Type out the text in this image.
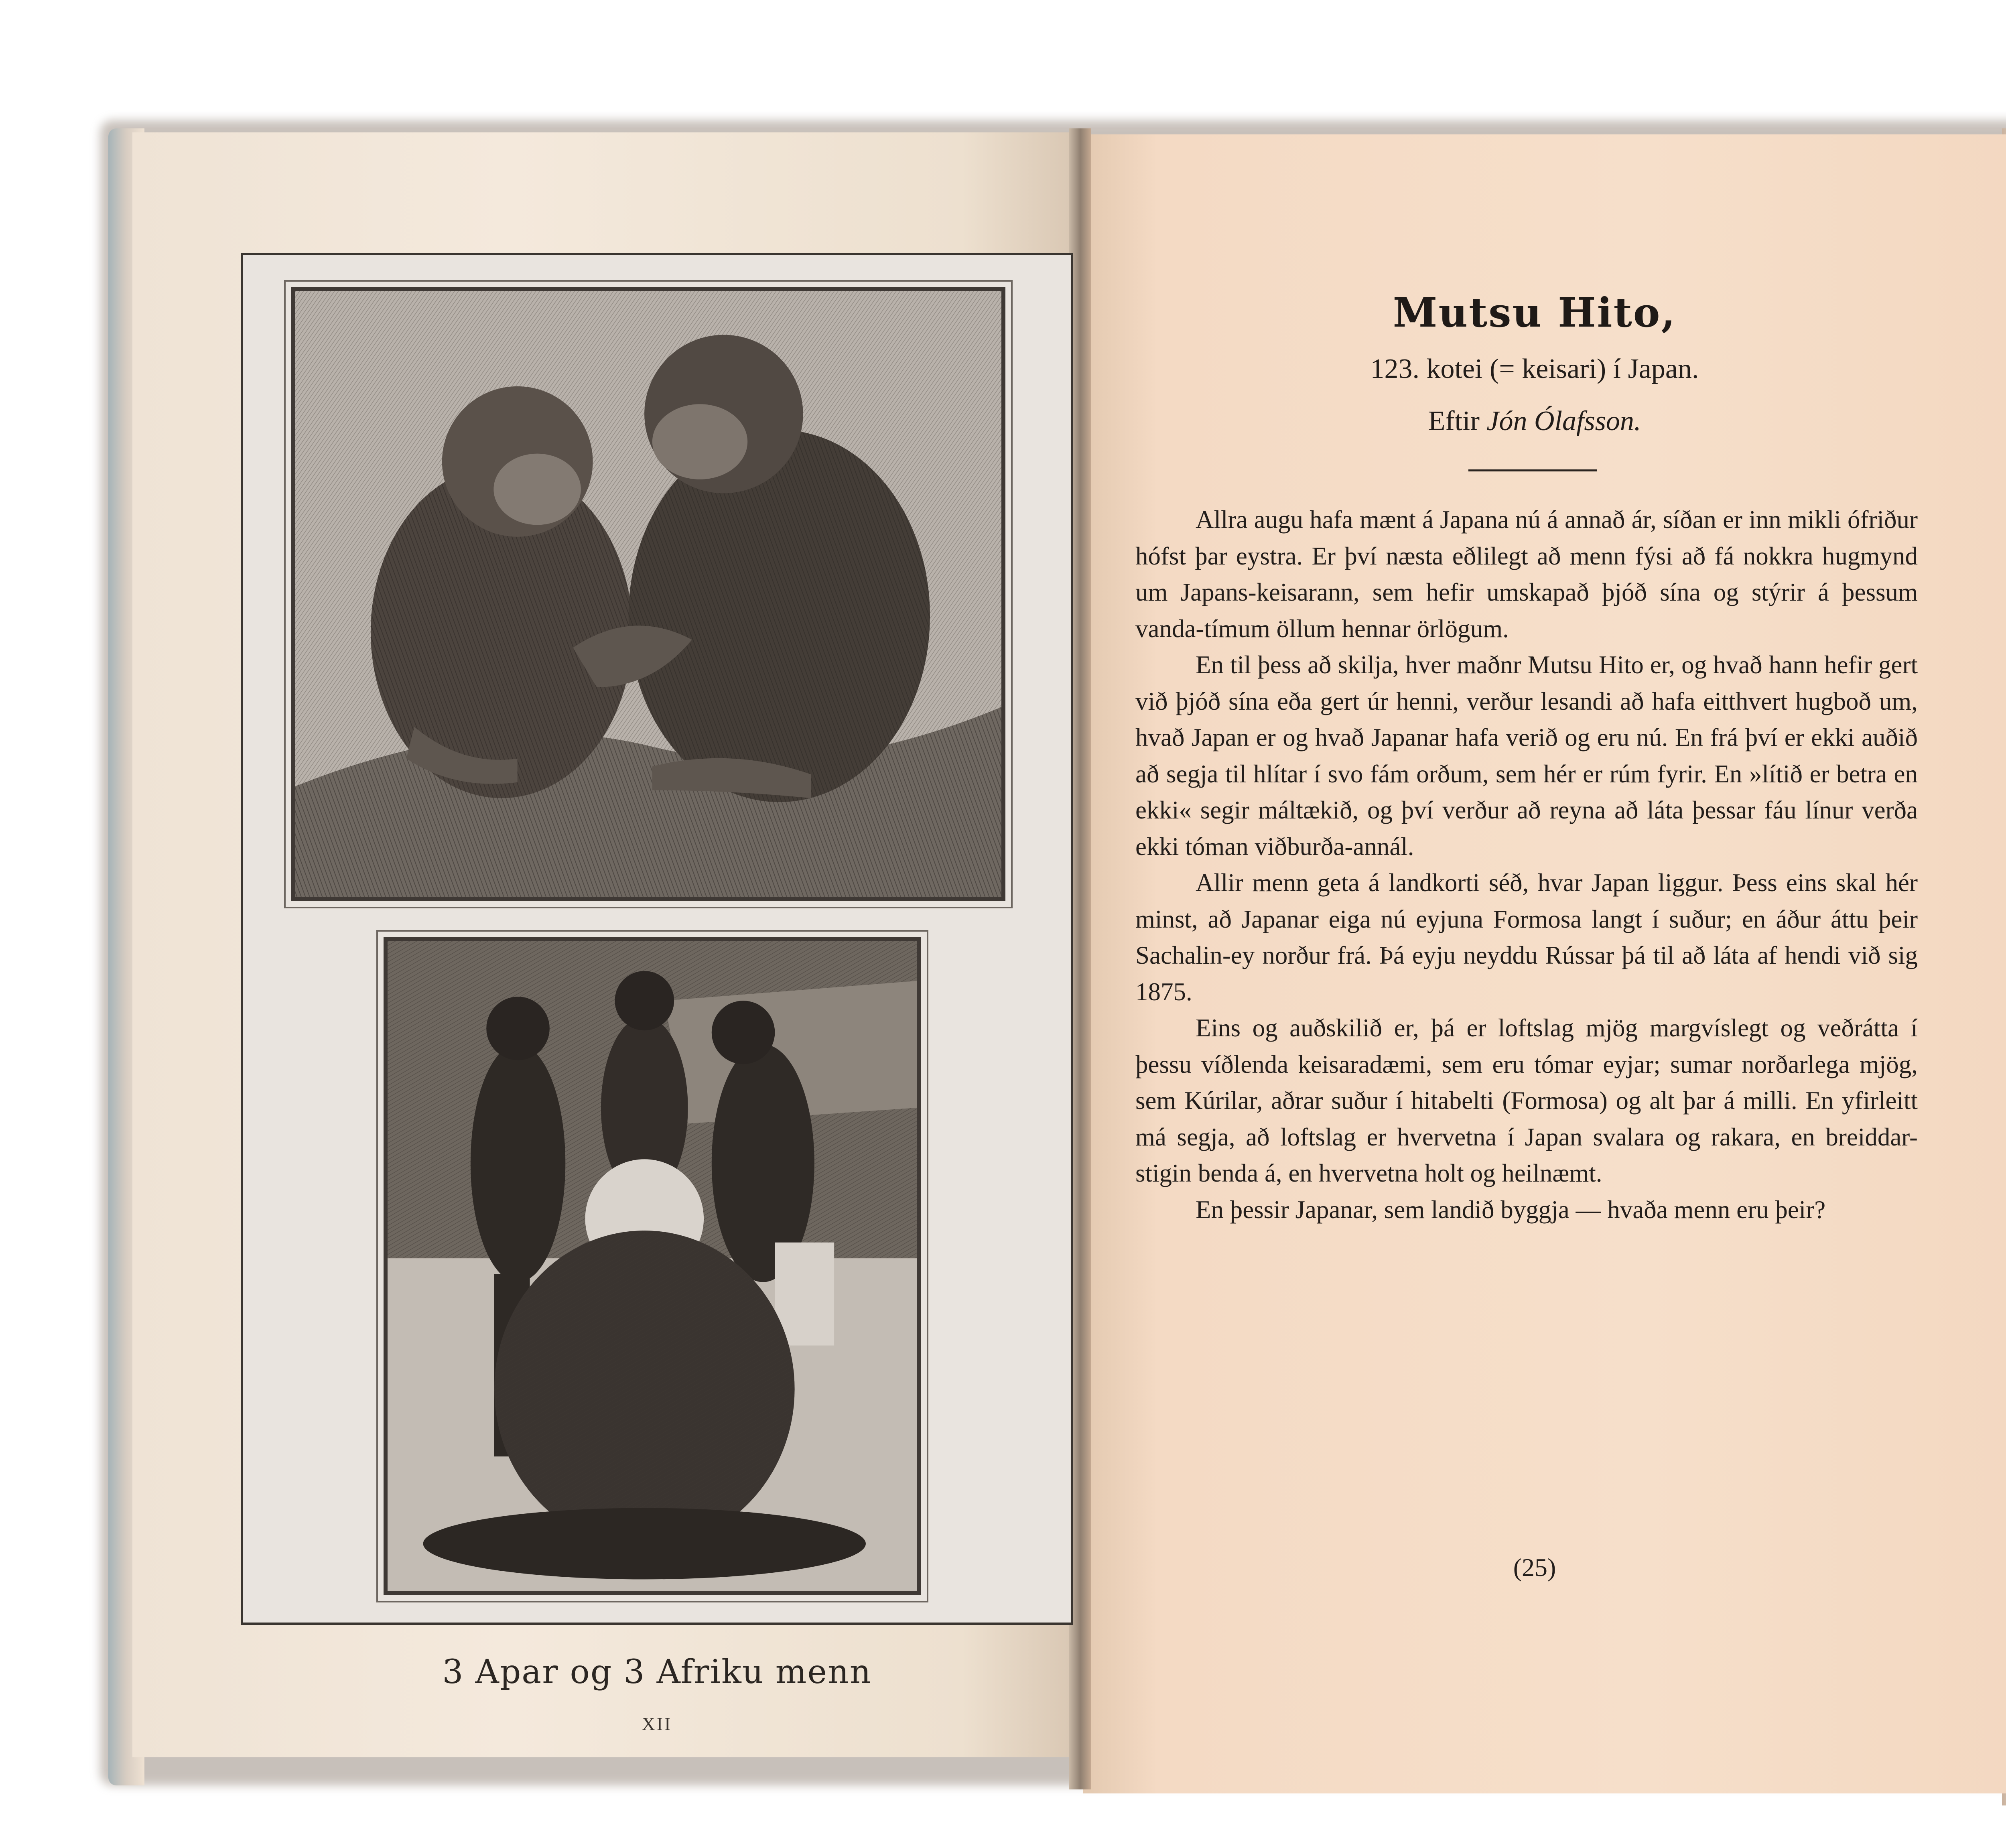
3 Apar og 3 Afriku menn
XII
Mutsu Hito,
123. kotei (= keisari) í Japan.
Eftir Jón Ólafsson.

Allra augu hafa mænt á Japana nú á annað ár, síðan er inn mikli ófriður hófst þar eystra. Er því næsta eðlilegt að menn fýsi að fá nokkra hugmynd um Japans-keisarann, sem hefir umskapað þjóð sína og stýrir á þessum vanda-tímum öllum hennar örlögum.

En til þess að skilja, hver maðnr Mutsu Hito er, og hvað hann hefir gert við þjóð sína eða gert úr henni, verður lesandi að hafa eitthvert hugboð um, hvað Japan er og hvað Japanar hafa verið og eru nú. En frá því er ekki auðið að segja til hlítar í svo fám orðum, sem hér er rúm fyrir. En »lítið er betra en ekki« segir máltækið, og því verður að reyna að láta þessar fáu línur verða ekki tóman viðburða-annál.

Allir menn geta á landkorti séð, hvar Japan liggur. Þess eins skal hér minst, að Japanar eiga nú eyjuna Formosa langt í suður; en áður áttu þeir Sachalin-ey norður frá. Þá eyju neyddu Rússar þá til að láta af hendi við sig 1875.

Eins og auðskilið er, þá er loftslag mjög margvíslegt og veðrátta í þessu víðlenda keisaradæmi, sem eru tómar eyjar; sumar norðarlega mjög, sem Kúrilar, aðrar suður í hitabelti (Formosa) og alt þar á milli. En yfirleitt má segja, að loftslag er hvervetna í Japan svalara og rakara, en breiddar-stigin benda á, en hvervetna holt og heilnæmt.

En þessir Japanar, sem landið byggja — hvaða menn eru þeir?

(25)
